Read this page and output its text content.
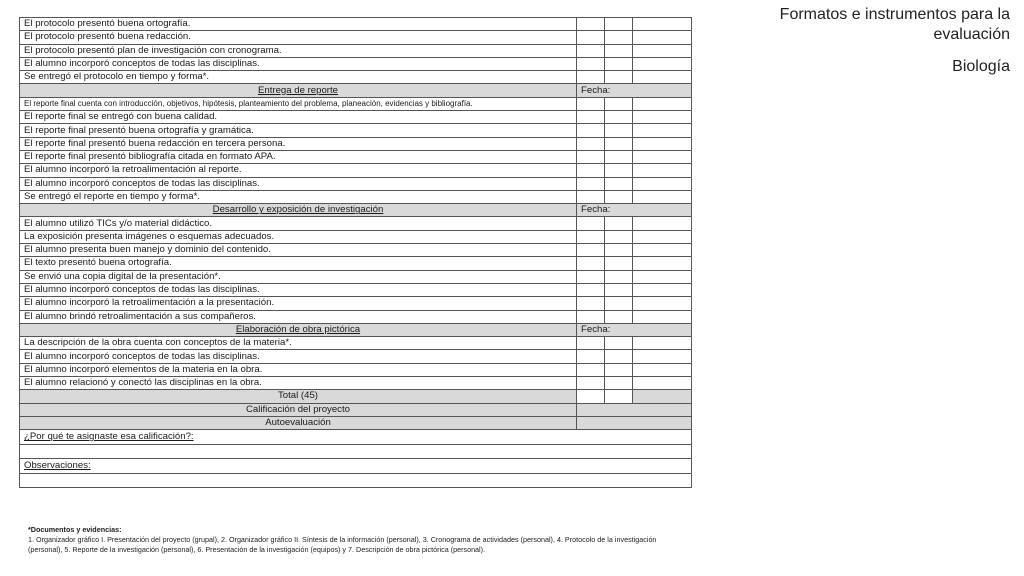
El protocolo presentó buena ortografía.			
El protocolo presentó buena redacción.			
El protocolo presentó plan de investigación con cronograma.			
El alumno incorporó conceptos de todas las disciplinas.			
Se entregó el protocolo en tiempo y forma*.			
Entrega de reporte	Fecha:		
El reporte final cuenta con introducción, objetivos, hipótesis, planteamiento del problema, planeación, evidencias y bibliografía.			
El reporte final se entregó con buena calidad.			
El reporte final presentó buena ortografía y gramática.			
El reporte final presentó buena redacción en tercera persona.			
El reporte final presentó bibliografía citada en formato APA.			
El alumno incorporó la retroalimentación al reporte.			
El alumno incorporó conceptos de todas las disciplinas.			
Se entregó el reporte en tiempo y forma*.			
Desarrollo y exposición de investigación	Fecha:		
El alumno utilizó TICs y/o material didáctico.			
La exposición presenta imágenes o esquemas adecuados.			
El alumno presenta buen manejo y dominio del contenido.			
El texto presentó buena ortografía.			
Se envió una copia digital de la presentación*.			
El alumno incorporó conceptos de todas las disciplinas.			
El alumno incorporó la retroalimentación a la presentación.			
El alumno brindó retroalimentación a sus compañeros.			
Elaboración de obra pictórica	Fecha:		
La descripción de la obra cuenta con conceptos de la materia*.			
El alumno incorporó conceptos de todas las disciplinas.			
El alumno incorporó elementos de la materia en la obra.			
El alumno relacionó y conectó las disciplinas en la obra.			
Total (45)			
Calificación del proyecto			
Autoevaluación			
¿Por qué te asignaste esa calificación?:			

Observaciones:			

Formatos e instrumentos para la
evaluación
Biología
*Documentos y evidencias:
1. Organizador gráfico I. Presentación del proyecto (grupal), 2. Organizador gráfico II. Síntesis de la información (personal), 3. Cronograma de actividades (personal), 4. Protocolo de la investigación
(personal), 5. Reporte de la investigación (personal), 6. Presentación de la investigación (equipos) y 7. Descripción de obra pictórica (personal).
